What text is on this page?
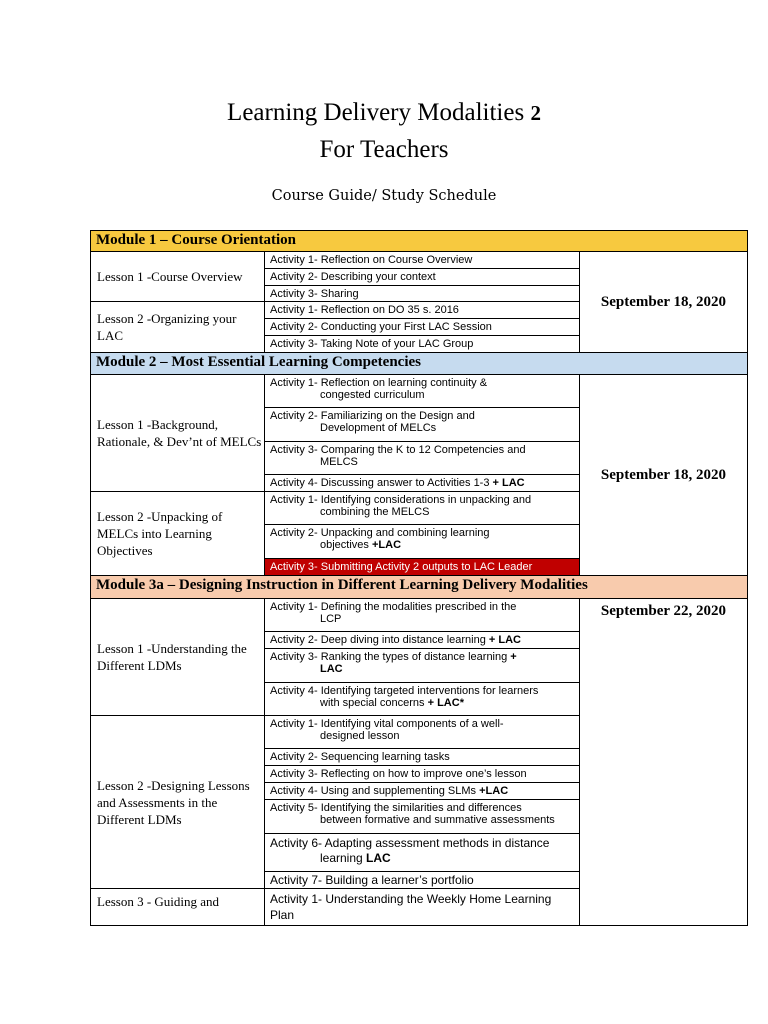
Learning Delivery Modalities 2
For Teachers
Course Guide/ Study Schedule
Module 1 – Course Orientation
Lesson 1 -Course Overview
Lesson 2 -Organizing your LAC
Activity 1- Reflection on Course Overview
Activity 2- Describing your context
Activity 3- Sharing
Activity 1- Reflection on DO 35 s. 2016
Activity 2- Conducting your First LAC Session
Activity 3- Taking Note of your LAC Group
September 18, 2020
Module 2 – Most Essential Learning Competencies
Lesson 1 -Background, Rationale, & Dev’nt of MELCs
Lesson 2 -Unpacking of MELCs into Learning Objectives
Activity 1- Reflection on learning continuity &
congested curriculum
Activity 2- Familiarizing on the Design and
Development of MELCs
Activity 3- Comparing the K to 12 Competencies and
MELCS
Activity 4- Discussing answer to Activities 1-3 + LAC
Activity 1- Identifying considerations in unpacking and
combining the MELCS
Activity 2- Unpacking and combining learning
objectives +LAC
Activity 3- Submitting Activity 2 outputs to LAC Leader
September 18, 2020
Module 3a – Designing Instruction in Different Learning Delivery Modalities
Lesson 1 -Understanding the Different LDMs
Lesson 2 -Designing Lessons and Assessments in the Different LDMs
Lesson 3 - Guiding and
Activity 1- Defining the modalities prescribed in the
LCP
Activity 2- Deep diving into distance learning + LAC
Activity 3- Ranking the types of distance learning +
LAC
Activity 4- Identifying targeted interventions for learners
with special concerns + LAC*
Activity 1- Identifying vital components of a well-
designed lesson
Activity 2- Sequencing learning tasks
Activity 3- Reflecting on how to improve one’s lesson
Activity 4- Using and supplementing SLMs +LAC
Activity 5- Identifying the similarities and differences
between formative and summative assessments
Activity 6- Adapting assessment methods in distance
learning LAC
Activity 7- Building a learner’s portfolio
Activity 1- Understanding the Weekly Home Learning
Plan
September 22, 2020
